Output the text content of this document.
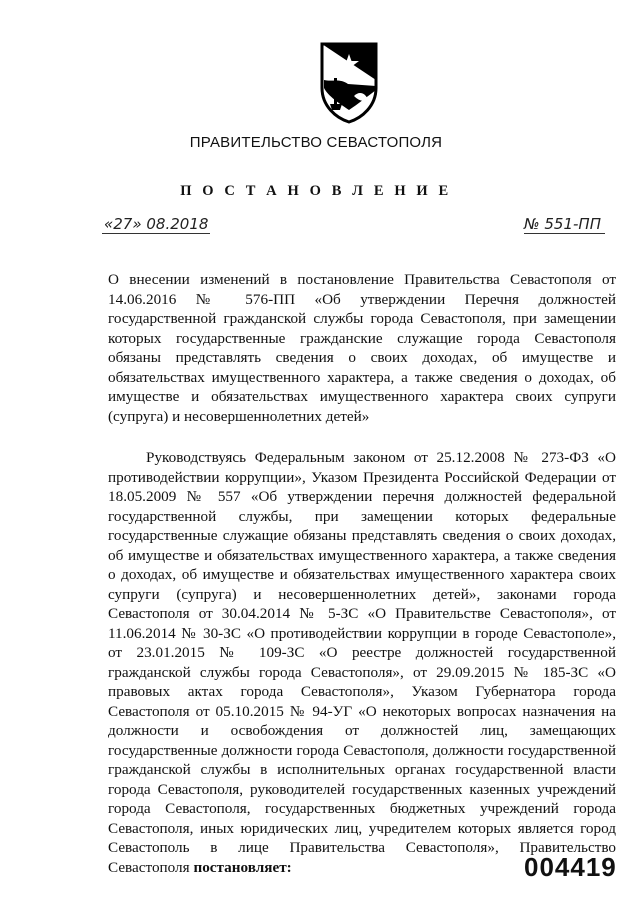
ПРАВИТЕЛЬСТВО СЕВАСТОПОЛЯ
П О С Т А Н О В Л Е Н И Е
«27» 08.2018	№ 551-ПП
О внесении изменений в постановление Правительства Севастополя от 14.06.2016 № 576-ПП «Об утверждении Перечня должностей государственной гражданской службы города Севастополя, при замещении которых государственные гражданские служащие города Севастополя обязаны представлять сведения о своих доходах, об имуществе и обязательствах имущественного характера, а также сведения о доходах, об имуществе и обязательствах имущественного характера своих супруги (супруга) и несовершеннолетних детей»
Руководствуясь Федеральным законом от 25.12.2008 № 273-ФЗ «О противодействии коррупции», Указом Президента Российской Федерации от 18.05.2009 № 557 «Об утверждении перечня должностей федеральной государственной службы, при замещении которых федеральные государственные служащие обязаны представлять сведения о своих доходах, об имуществе и обязательствах имущественного характера, а также сведения о доходах, об имуществе и обязательствах имущественного характера своих супруги (супруга) и несовершеннолетних детей», законами города Севастополя от 30.04.2014 № 5-ЗС «О Правительстве Севастополя», от 11.06.2014 № 30-ЗС «О противодействии коррупции в городе Севастополе», от 23.01.2015 № 109-ЗС «О реестре должностей государственной гражданской службы города Севастополя», от 29.09.2015 № 185-ЗС «О правовых актах города Севастополя», Указом Губернатора города Севастополя от 05.10.2015 № 94-УГ «О некоторых вопросах назначения на должности и освобождения от должностей лиц, замещающих государственные должности города Севастополя, должности государственной гражданской службы в исполнительных органах государственной власти города Севастополя, руководителей государственных казенных учреждений города Севастополя, государственных бюджетных учреждений города Севастополя, иных юридических лиц, учредителем которых является город Севастополь в лице Правительства Севастополя», Правительство Севастополя постановляет:	004419
